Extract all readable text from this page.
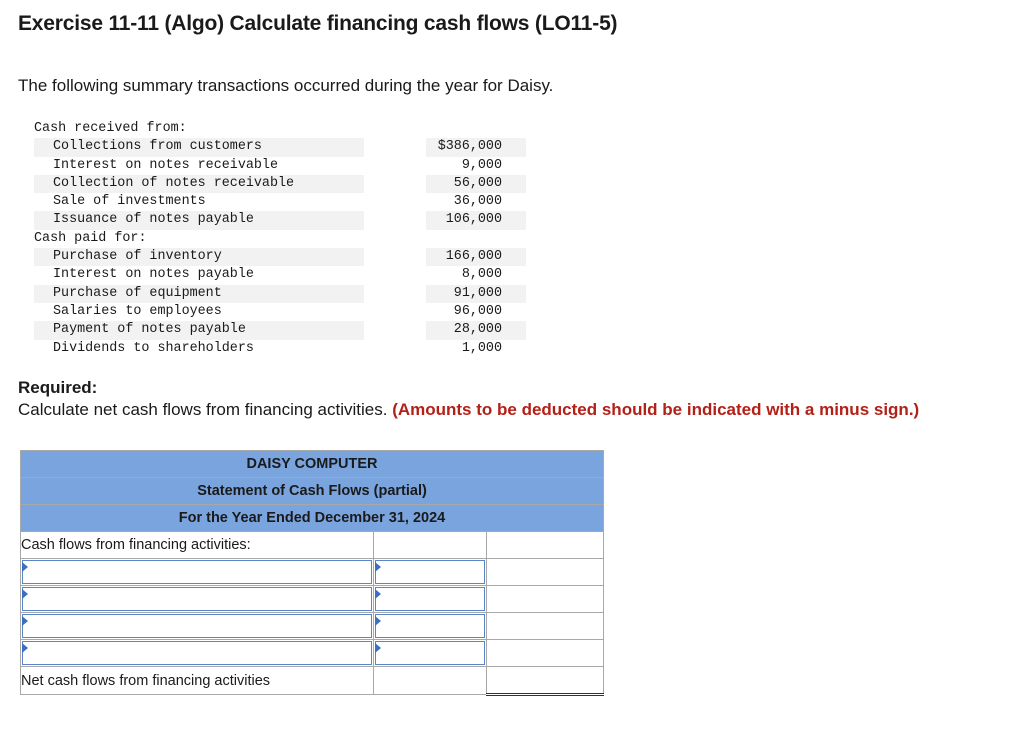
Exercise 11-11 (Algo) Calculate financing cash flows (LO11-5)

The following summary transactions occurred during the year for Daisy.

Cash received from:
Collections from customers	$386,000
Interest on notes receivable	9,000
Collection of notes receivable	56,000
Sale of investments	36,000
Issuance of notes payable	106,000
Cash paid for:
Purchase of inventory	166,000
Interest on notes payable	8,000
Purchase of equipment	91,000
Salaries to employees	96,000
Payment of notes payable	28,000
Dividends to shareholders	1,000

Required:
Calculate net cash flows from financing activities. (Amounts to be deducted should be indicated with a minus sign.)

DAISY COMPUTER		
Statement of Cash Flows (partial)		
For the Year Ended December 31, 2024		
Cash flows from financing activities:		

Net cash flows from financing activities		
